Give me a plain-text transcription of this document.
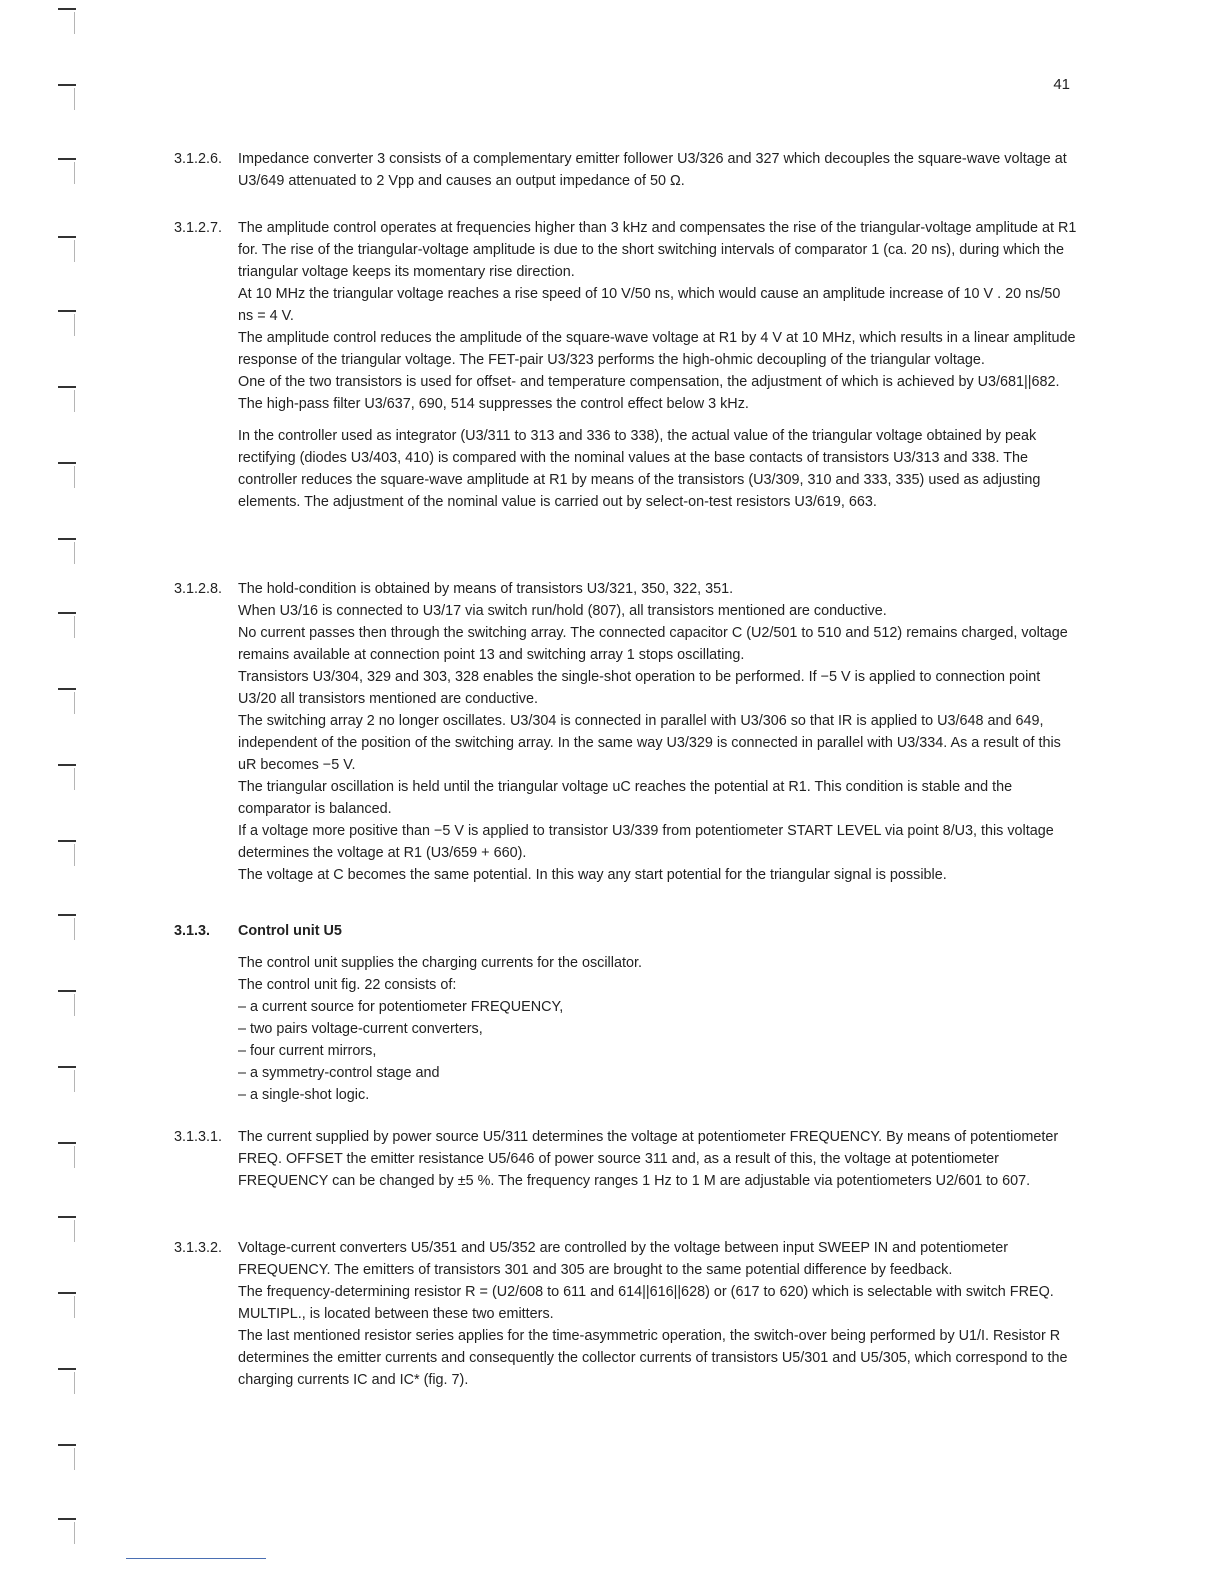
41
3.1.2.6. Impedance converter 3 consists of a complementary emitter follower U3/326 and 327 which decouples the square-wave voltage at U3/649 attenuated to 2 Vpp and causes an output impedance of 50 Ω.

3.1.2.7. The amplitude control operates at frequencies higher than 3 kHz and compensates the rise of the triangular-voltage amplitude at R1 for. The rise of the triangular-voltage amplitude is due to the short switching intervals of comparator 1 (ca. 20 ns), during which the triangular voltage keeps its momentary rise direction.

At 10 MHz the triangular voltage reaches a rise speed of 10 V/50 ns, which would cause an amplitude increase of 10 V . 20 ns/50 ns = 4 V.

The amplitude control reduces the amplitude of the square-wave voltage at R1 by 4 V at 10 MHz, which results in a linear amplitude response of the triangular voltage. The FET-pair U3/323 performs the high-ohmic decoupling of the triangular voltage.

One of the two transistors is used for offset- and temperature compensation, the adjustment of which is achieved by U3/681||682. The high-pass filter U3/637, 690, 514 suppresses the control effect below 3 kHz.

In the controller used as integrator (U3/311 to 313 and 336 to 338), the actual value of the triangular voltage obtained by peak rectifying (diodes U3/403, 410) is compared with the nominal values at the base contacts of transistors U3/313 and 338. The controller reduces the square-wave amplitude at R1 by means of the transistors (U3/309, 310 and 333, 335) used as adjusting elements. The adjustment of the nominal value is carried out by select-on-test resistors U3/619, 663.

3.1.2.8. The hold-condition is obtained by means of transistors U3/321, 350, 322, 351.

When U3/16 is connected to U3/17 via switch run/hold (807), all transistors mentioned are conductive.

No current passes then through the switching array. The connected capacitor C (U2/501 to 510 and 512) remains charged, voltage remains available at connection point 13 and switching array 1 stops oscillating.

Transistors U3/304, 329 and 303, 328 enables the single-shot operation to be performed. If −5 V is applied to connection point U3/20 all transistors mentioned are conductive.

The switching array 2 no longer oscillates. U3/304 is connected in parallel with U3/306 so that IR is applied to U3/648 and 649, independent of the position of the switching array. In the same way U3/329 is connected in parallel with U3/334. As a result of this uR becomes −5 V.

The triangular oscillation is held until the triangular voltage uC reaches the potential at R1. This condition is stable and the comparator is balanced.

If a voltage more positive than −5 V is applied to transistor U3/339 from potentiometer START LEVEL via point 8/U3, this voltage determines the voltage at R1 (U3/659 + 660).

The voltage at C becomes the same potential. In this way any start potential for the triangular signal is possible.

3.1.3. Control unit U5

The control unit supplies the charging currents for the oscillator.

The control unit fig. 22 consists of:

– a current source for potentiometer FREQUENCY,

– two pairs voltage-current converters,

– four current mirrors,

– a symmetry-control stage and

– a single-shot logic.

3.1.3.1. The current supplied by power source U5/311 determines the voltage at potentiometer FREQUENCY. By means of potentiometer FREQ. OFFSET the emitter resistance U5/646 of power source 311 and, as a result of this, the voltage at potentiometer FREQUENCY can be changed by ±5 %. The frequency ranges 1 Hz to 1 M are adjustable via potentiometers U2/601 to 607.

3.1.3.2. Voltage-current converters U5/351 and U5/352 are controlled by the voltage between input SWEEP IN and potentiometer FREQUENCY. The emitters of transistors 301 and 305 are brought to the same potential difference by feedback.

The frequency-determining resistor R = (U2/608 to 611 and 614||616||628) or (617 to 620) which is selectable with switch FREQ. MULTIPL., is located between these two emitters.

The last mentioned resistor series applies for the time-asymmetric operation, the switch-over being performed by U1/I. Resistor R determines the emitter currents and consequently the collector currents of transistors U5/301 and U5/305, which correspond to the charging currents IC and IC* (fig. 7).
